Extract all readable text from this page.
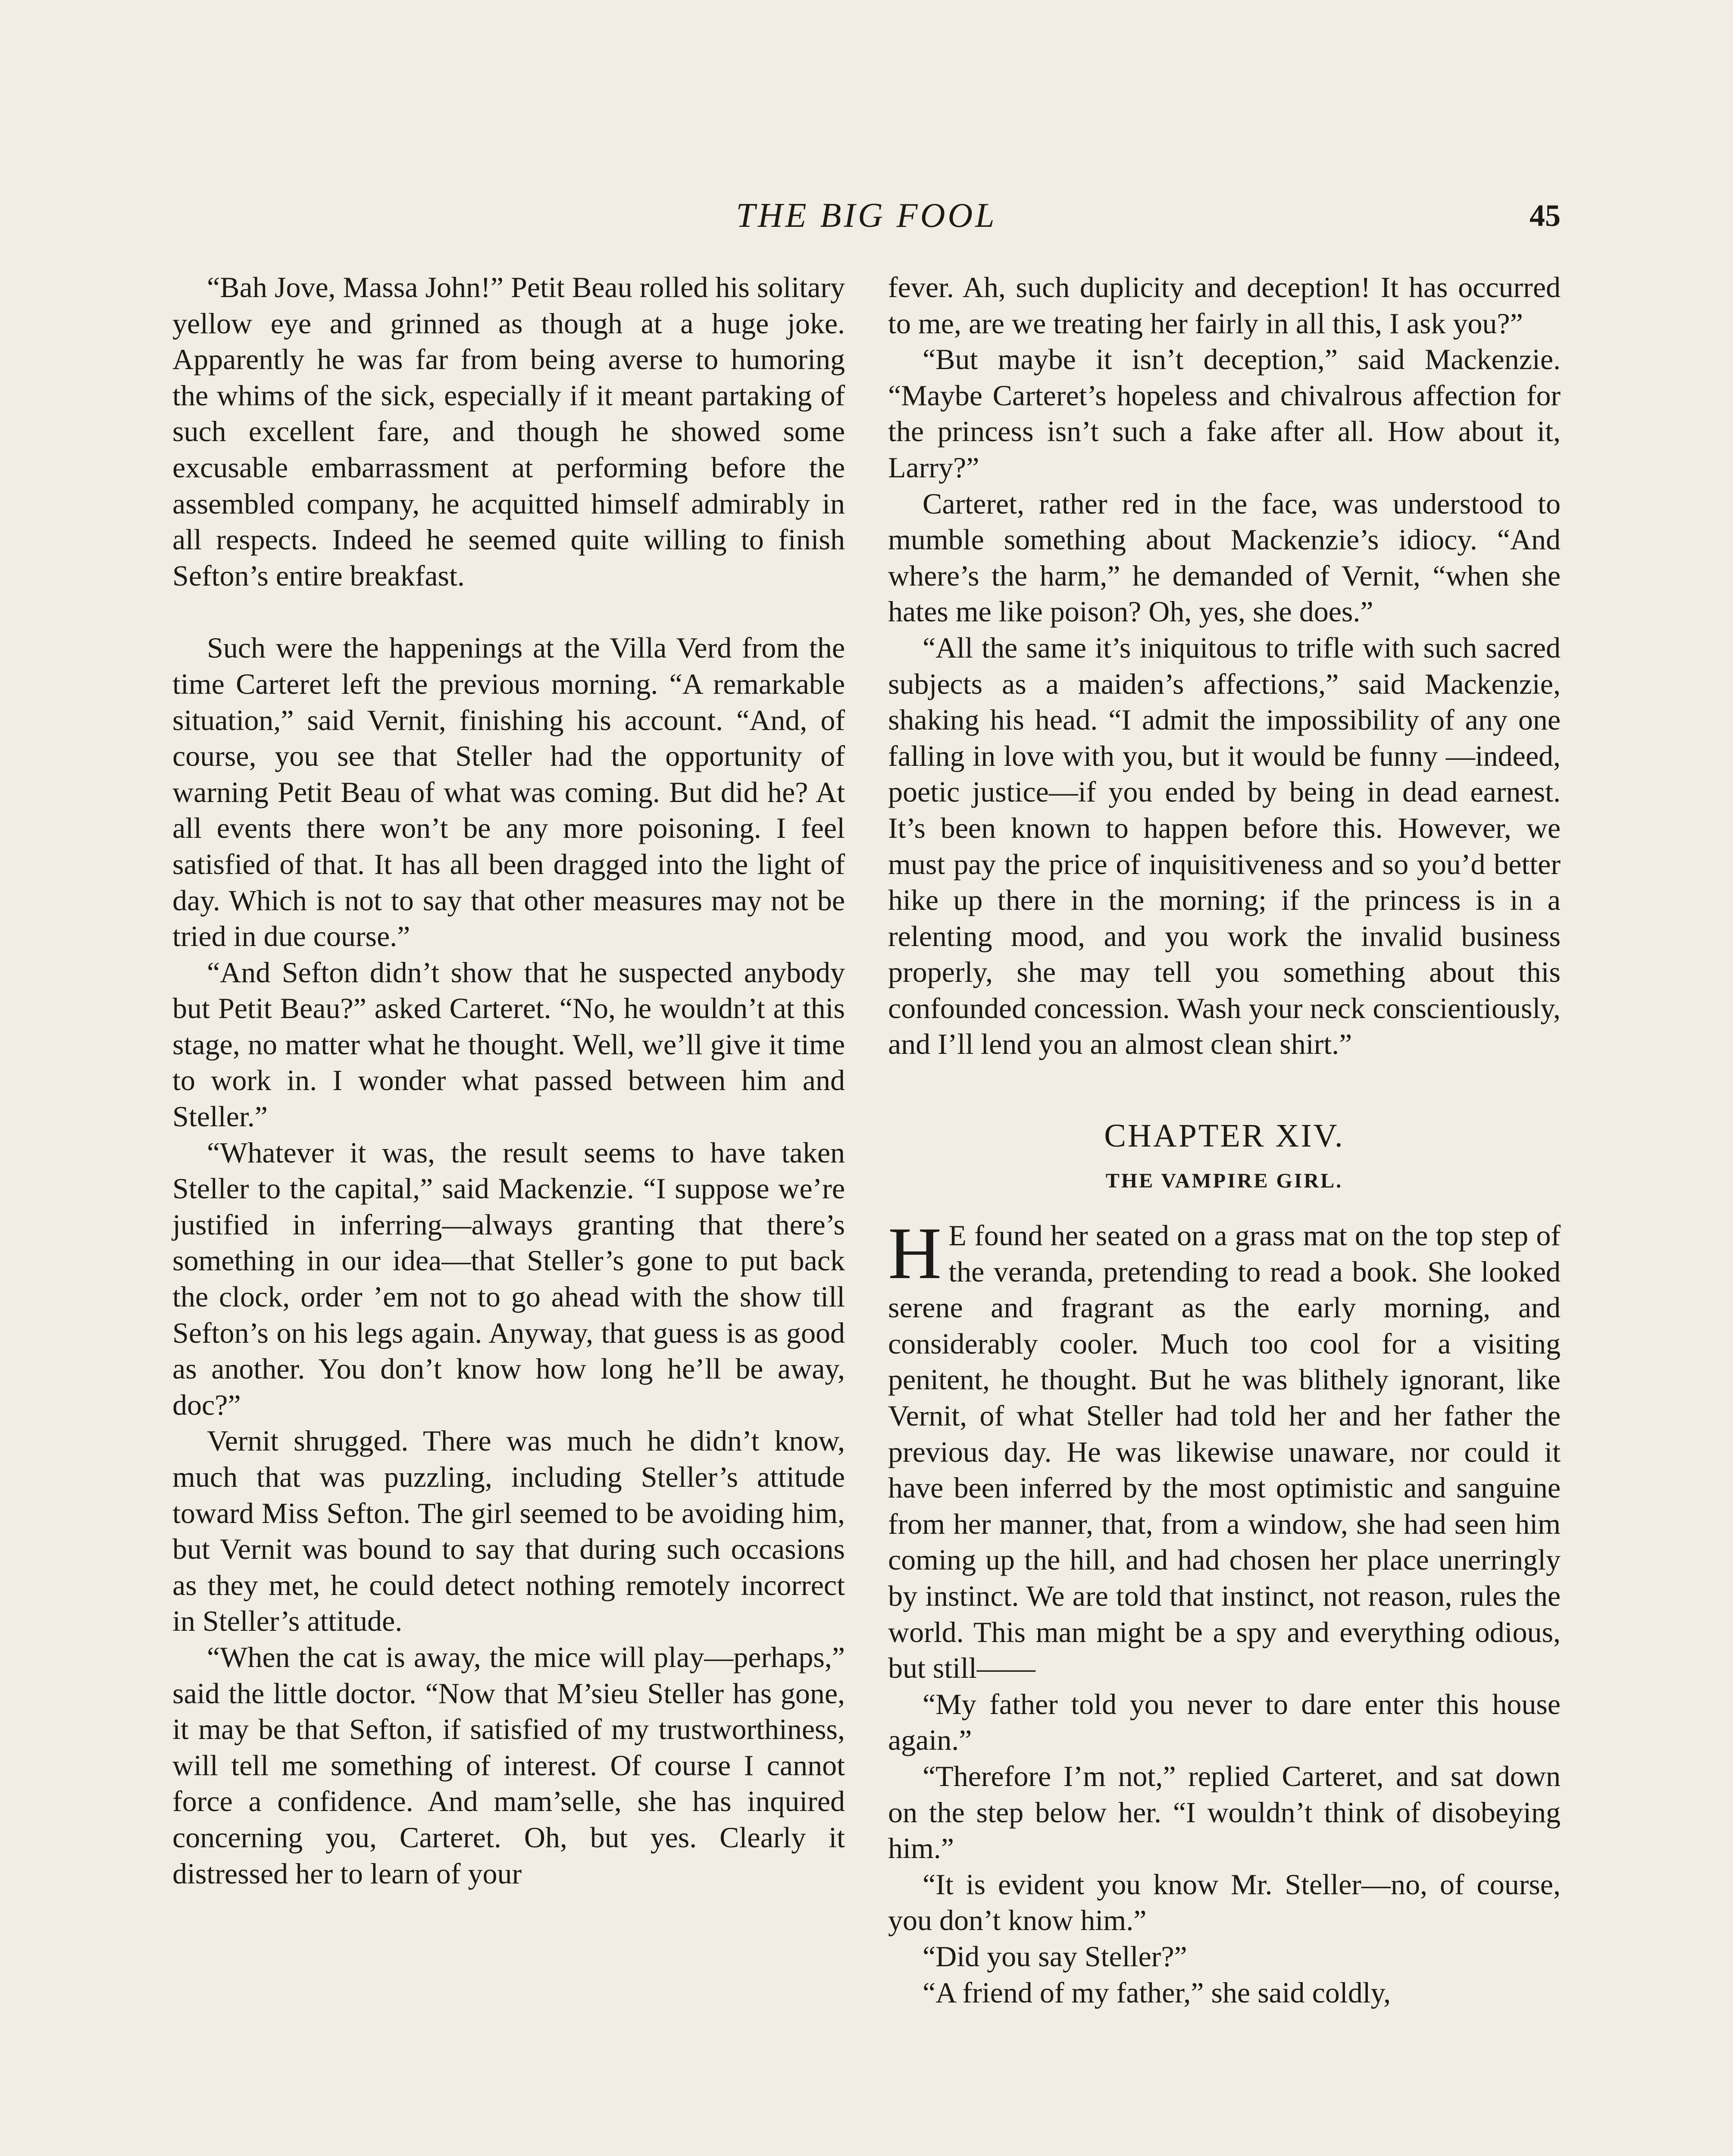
THE BIG FOOL	45

“Bah Jove, Massa John!” Petit Beau rolled his solitary yellow eye and grinned as though at a huge joke. Apparently he was far from being averse to humoring the whims of the sick, especially if it meant partaking of such excellent fare, and though he showed some excusable embarrassment at performing before the assembled company, he acquitted himself admirably in all respects. Indeed he seemed quite willing to finish Sefton’s entire breakfast.

Such were the happenings at the Villa Verd from the time Carteret left the previous morning. “A remarkable situation,” said Vernit, finishing his account. “And, of course, you see that Steller had the opportunity of warning Petit Beau of what was coming. But did he? At all events there won’t be any more poisoning. I feel satisfied of that. It has all been dragged into the light of day. Which is not to say that other measures may not be tried in due course.”

“And Sefton didn’t show that he suspected anybody but Petit Beau?” asked Carteret. “No, he wouldn’t at this stage, no matter what he thought. Well, we’ll give it time to work in. I wonder what passed between him and Steller.”

“Whatever it was, the result seems to have taken Steller to the capital,” said Mackenzie. “I suppose we’re justified in inferring—always granting that there’s something in our idea—that Steller’s gone to put back the clock, order ’em not to go ahead with the show till Sefton’s on his legs again. Anyway, that guess is as good as another. You don’t know how long he’ll be away, doc?”

Vernit shrugged. There was much he didn’t know, much that was puzzling, including Steller’s attitude toward Miss Sefton. The girl seemed to be avoiding him, but Vernit was bound to say that during such occasions as they met, he could detect nothing remotely incorrect in Steller’s attitude.

“When the cat is away, the mice will play—perhaps,” said the little doctor. “Now that M’sieu Steller has gone, it may be that Sefton, if satisfied of my trustworthiness, will tell me something of interest. Of course I cannot force a confidence. And mam’selle, she has inquired concerning you, Carteret. Oh, but yes. Clearly it distressed her to learn of your

fever. Ah, such duplicity and deception! It has occurred to me, are we treating her fairly in all this, I ask you?”

“But maybe it isn’t deception,” said Mackenzie. “Maybe Carteret’s hopeless and chivalrous affection for the princess isn’t such a fake after all. How about it, Larry?”

Carteret, rather red in the face, was understood to mumble something about Mackenzie’s idiocy. “And where’s the harm,” he demanded of Vernit, “when she hates me like poison? Oh, yes, she does.”

“All the same it’s iniquitous to trifle with such sacred subjects as a maiden’s affections,” said Mackenzie, shaking his head. “I admit the impossibility of any one falling in love with you, but it would be funny —indeed, poetic justice—if you ended by being in dead earnest. It’s been known to happen before this. However, we must pay the price of inquisitiveness and so you’d better hike up there in the morning; if the princess is in a relenting mood, and you work the invalid business properly, she may tell you something about this confounded concession. Wash your neck conscientiously, and I’ll lend you an almost clean shirt.”

CHAPTER XIV.
THE VAMPIRE GIRL.

H E found her seated on a grass mat on the top step of the veranda, pretending to read a book. She looked serene and fragrant as the early morning, and considerably cooler. Much too cool for a visiting penitent, he thought. But he was blithely ignorant, like Vernit, of what Steller had told her and her father the previous day. He was likewise unaware, nor could it have been inferred by the most optimistic and sanguine from her manner, that, from a window, she had seen him coming up the hill, and had chosen her place unerringly by instinct. We are told that instinct, not reason, rules the world. This man might be a spy and everything odious, but still——

“My father told you never to dare enter this house again.”

“Therefore I’m not,” replied Carteret, and sat down on the step below her. “I wouldn’t think of disobeying him.”

“It is evident you know Mr. Steller—no, of course, you don’t know him.”

“Did you say Steller?”

“A friend of my father,” she said coldly,
